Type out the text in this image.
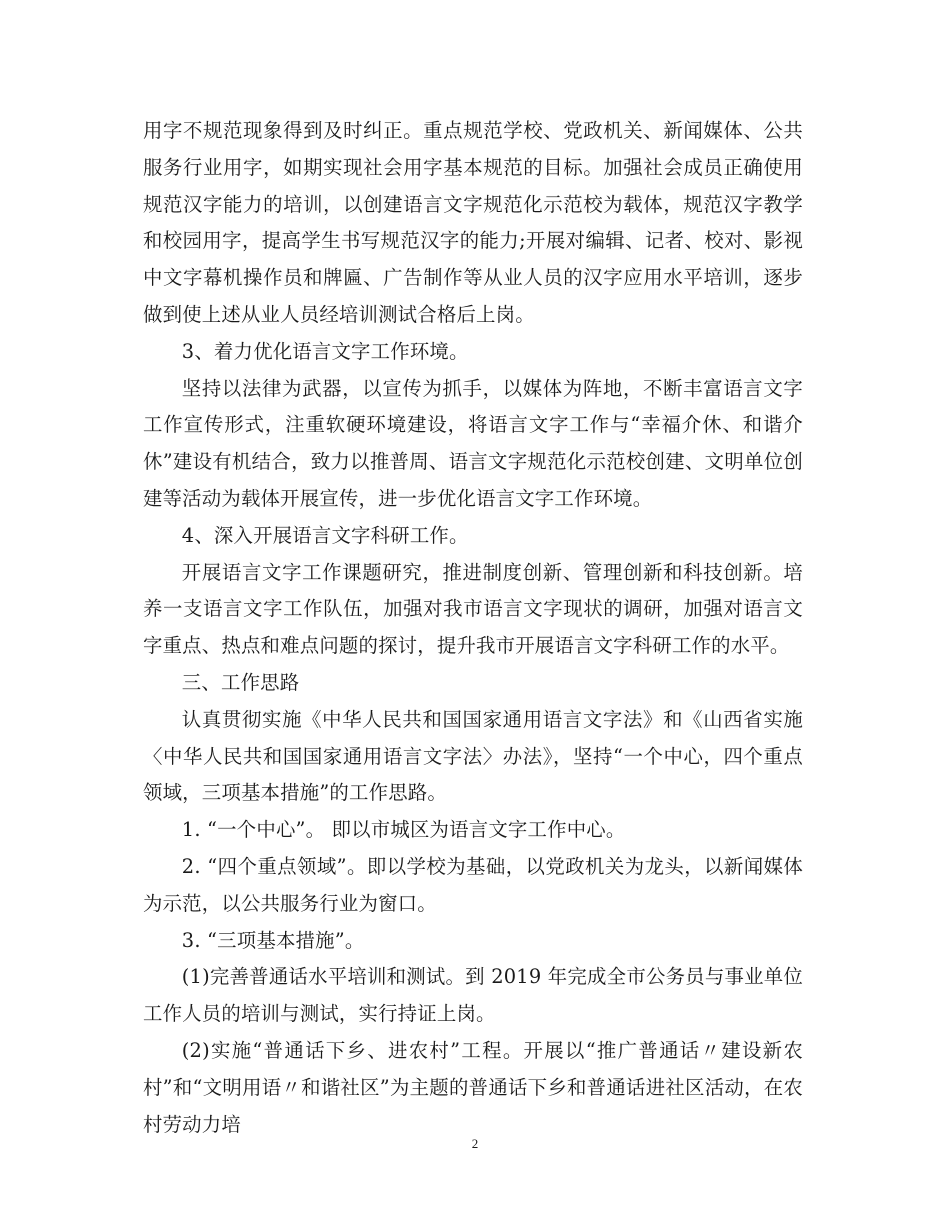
用字不规范现象得到及时纠正。重点规范学校、党政机关、新闻媒体、公共服务行业用字，如期实现社会用字基本规范的目标。加强社会成员正确使用规范汉字能力的培训，以创建语言文字规范化示范校为载体，规范汉字教学和校园用字，提高学生书写规范汉字的能力;开展对编辑、记者、校对、影视中文字幕机操作员和牌匾、广告制作等从业人员的汉字应用水平培训，逐步做到使上述从业人员经培训测试合格后上岗。

3、着力优化语言文字工作环境。

坚持以法律为武器，以宣传为抓手，以媒体为阵地，不断丰富语言文字工作宣传形式，注重软硬环境建设，将语言文字工作与“幸福介休、和谐介休”建设有机结合，致力以推普周、语言文字规范化示范校创建、文明单位创建等活动为载体开展宣传，进一步优化语言文字工作环境。

4、深入开展语言文字科研工作。

开展语言文字工作课题研究，推进制度创新、管理创新和科技创新。培养一支语言文字工作队伍，加强对我市语言文字现状的调研，加强对语言文字重点、热点和难点问题的探讨，提升我市开展语言文字科研工作的水平。

三、工作思路

认真贯彻实施《中华人民共和国国家通用语言文字法》和《山西省实施〈中华人民共和国国家通用语言文字法〉办法》，坚持“一个中心，四个重点领域，三项基本措施”的工作思路。

1. “一个中心”。 即以市城区为语言文字工作中心。

2. “四个重点领域”。即以学校为基础，以党政机关为龙头，以新闻媒体为示范，以公共服务行业为窗口。

3. “三项基本措施”。

(1)完善普通话水平培训和测试。到 2019 年完成全市公务员与事业单位工作人员的培训与测试，实行持证上岗。

(2)实施“普通话下乡、进农村”工程。开展以“推广普通话〃建设新农村”和“文明用语〃和谐社区”为主题的普通话下乡和普通话进社区活动，在农村劳动力培

2
